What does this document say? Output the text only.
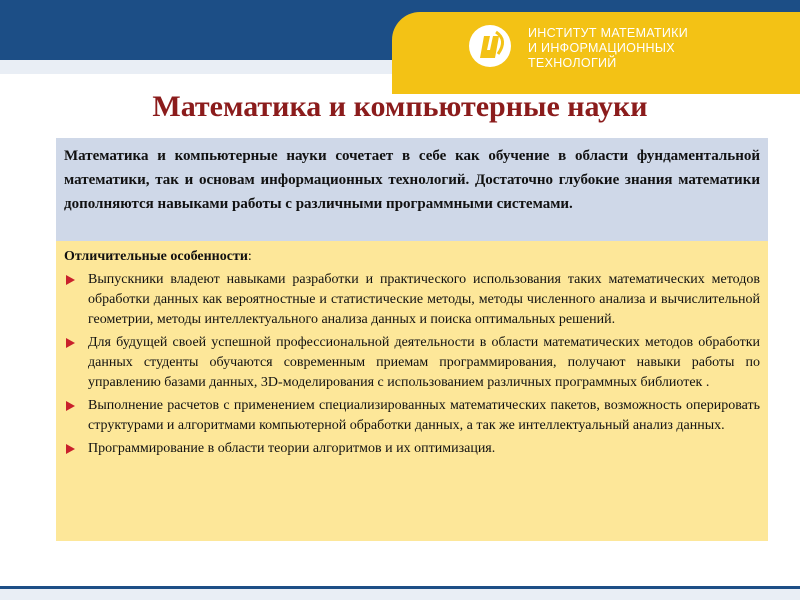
ИНСТИТУТ МАТЕМАТИКИ
И ИНФОРМАЦИОННЫХ
ТЕХНОЛОГИЙ
Математика и компьютерные науки
Математика и компьютерные науки сочетает в себе как обучение в области фундаментальной математики, так и основам информационных технологий. Достаточно глубокие знания математики дополняются навыками работы с различными программными системами.
Отличительные особенности:
Выпускники владеют навыками разработки и практического использования таких математических методов обработки данных как вероятностные и статистические методы, методы численного анализа и вычислительной геометрии, методы интеллектуального анализа данных и поиска оптимальных решений.
Для будущей своей успешной профессиональной деятельности в области математических методов обработки данных студенты обучаются современным приемам программирования, получают навыки работы по управлению базами данных, 3D-моделирования с использованием различных программных библиотек .
Выполнение расчетов с применением специализированных математических пакетов, возможность оперировать структурами и алгоритмами компьютерной обработки данных, а так же интеллектуальный анализ данных.
Программирование в области теории алгоритмов и их оптимизация.
